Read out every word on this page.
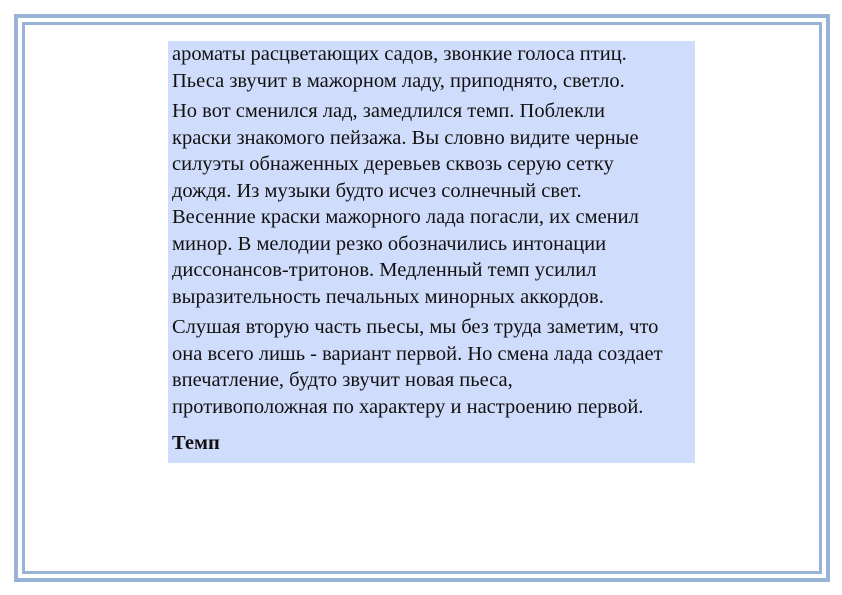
ароматы расцветающих садов, звонкие голоса птиц.
Пьеса звучит в мажорном ладу, приподнято, светло.

Но вот сменился лад, замедлился темп. Поблекли
краски знакомого пейзажа. Вы словно видите черные
силуэты обнаженных деревьев сквозь серую сетку
дождя. Из музыки будто исчез солнечный свет.
Весенние краски мажорного лада погасли, их сменил
минор. В мелодии резко обозначились интонации
диссонансов-тритонов. Медленный темп усилил
выразительность печальных минорных аккордов.

Слушая вторую часть пьесы, мы без труда заметим, что
она всего лишь - вариант первой. Но смена лада создает
впечатление, будто звучит новая пьеса,
противоположная по характеру и настроению первой.

Темп
